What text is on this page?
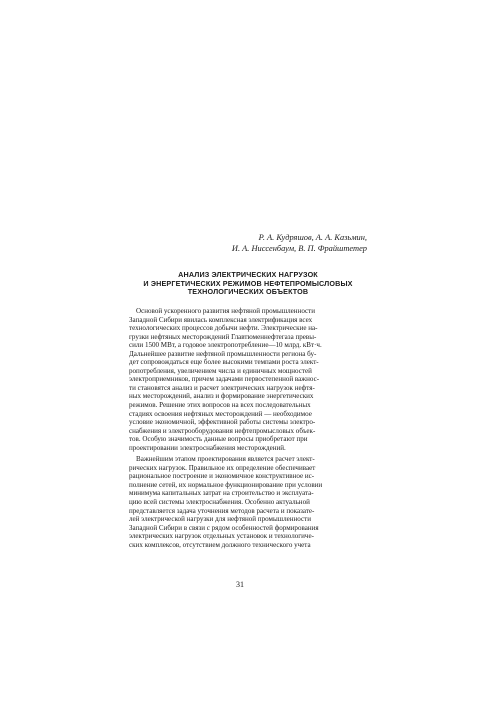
Р. А. Кудряшов, А. А. Казьмин,
И. А. Ниссенбаум, В. П. Фрайштетер
АНАЛИЗ ЭЛЕКТРИЧЕСКИХ НАГРУЗОК
И ЭНЕРГЕТИЧЕСКИХ РЕЖИМОВ НЕФТЕПРОМЫСЛОВЫХ
ТЕХНОЛОГИЧЕСКИХ ОБЪЕКТОВ
Основой ускоренного развития нефтяной промышленности
Западной Сибири явилась комплексная электрификация всех
технологических процессов добычи нефти. Электрические на-
грузки нефтяных месторождений Главтюменнефтегаза превы-
сили 1500 МВт, а годовое электропотребление—10 млрд. кВт·ч.
Дальнейшее развитие нефтяной промышленности региона бу-
дет сопровождаться еще более высокими темпами роста элект-
ропотребления, увеличением числа и единичных мощностей
электроприемников, причем задачами первостепенной важнос-
ти становятся анализ и расчет электрических нагрузок нефтя-
ных месторождений, анализ и формирование энергетических
режимов. Решение этих вопросов на всех последовательных
стадиях освоения нефтяных месторождений — необходимое
условие экономичной, эффективной работы системы электро-
снабжения и электрооборудования нефтепромысловых объек-
тов. Особую значимость данные вопросы приобретают при
проектировании электроснабжения месторождений.
Важнейшим этапом проектирования является расчет элект-
рических нагрузок. Правильное их определение обеспечивает
рациональное построение и экономичное конструктивное ис-
полнение сетей, их нормальное функционирование при условии
минимума капитальных затрат на строительство и эксплуата-
цию всей системы электроснабжения. Особенно актуальной
представляется задача уточнения методов расчета и показате-
лей электрической нагрузки для нефтяной промышленности
Западной Сибири в связи с рядом особенностей формирования
электрических нагрузок отдельных установок и технологиче-
ских комплексов, отсутствием должного технического учета
31
